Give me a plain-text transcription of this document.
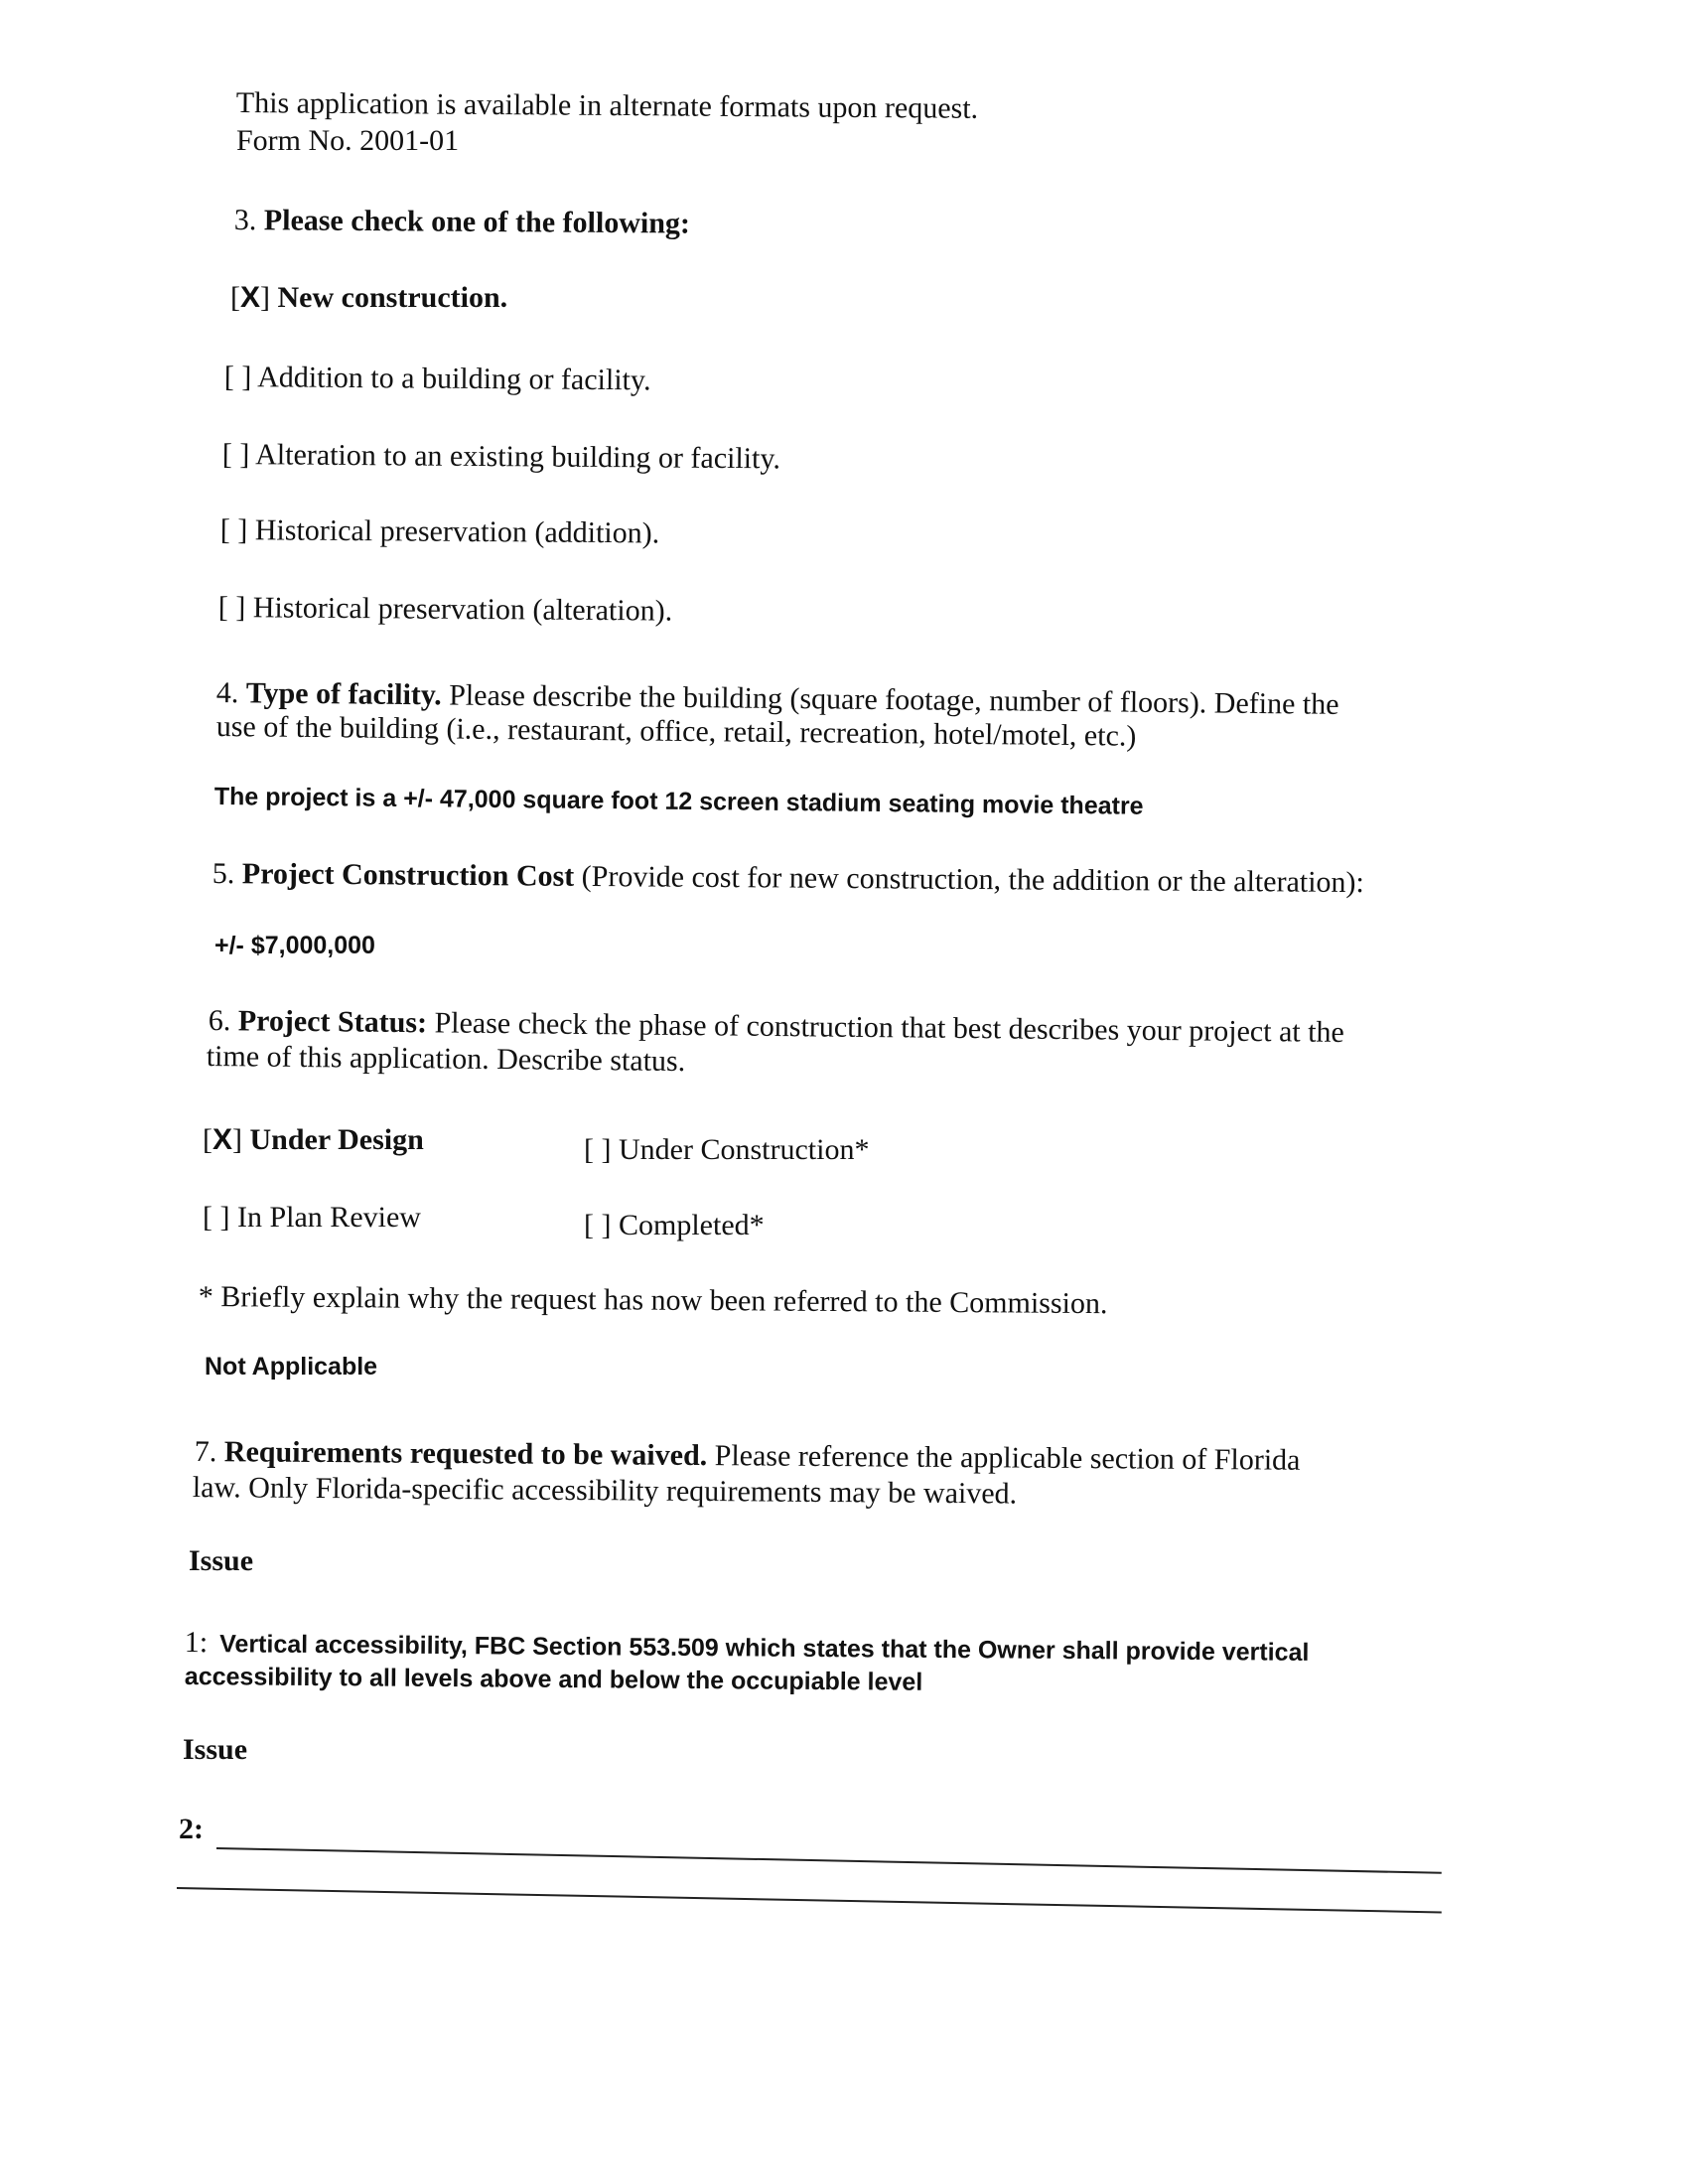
This application is available in alternate formats upon request.
Form No. 2001-01
3. Please check one of the following:
[X] New construction.
[ ] Addition to a building or facility.
[ ] Alteration to an existing building or facility.
[ ] Historical preservation (addition).
[ ] Historical preservation (alteration).
4. Type of facility. Please describe the building (square footage, number of floors). Define the
use of the building (i.e., restaurant, office, retail, recreation, hotel/motel, etc.)
The project is a +/- 47,000 square foot 12 screen stadium seating movie theatre
5. Project Construction Cost (Provide cost for new construction, the addition or the alteration):
+/- $7,000,000
6. Project Status: Please check the phase of construction that best describes your project at the
time of this application. Describe status.
[X] Under Design	[ ] Under Construction*
[ ] In Plan Review	[ ] Completed*
* Briefly explain why the request has now been referred to the Commission.
Not Applicable
7. Requirements requested to be waived. Please reference the applicable section of Florida
law. Only Florida-specific accessibility requirements may be waived.
Issue
1: Vertical accessibility, FBC Section 553.509 which states that the Owner shall provide vertical
accessibility to all levels above and below the occupiable level
Issue
2:
